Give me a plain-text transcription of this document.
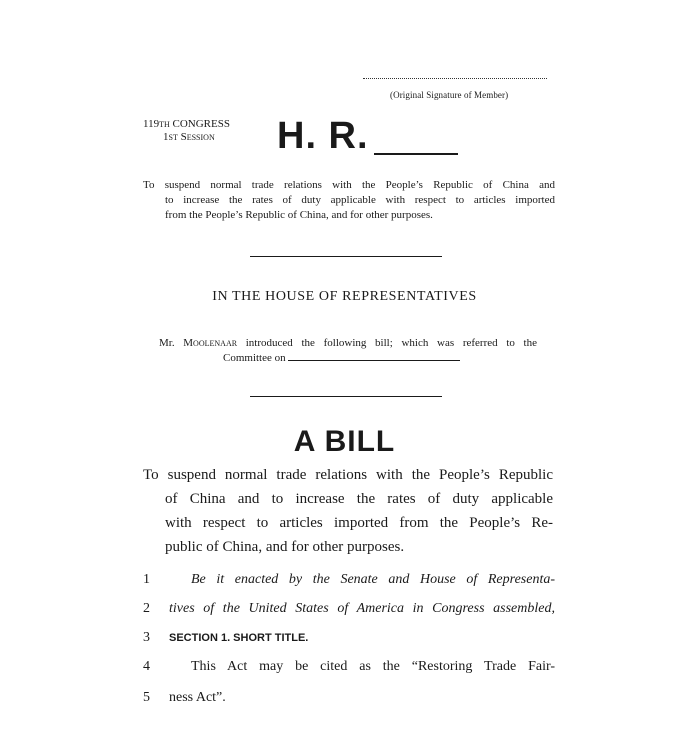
(Original Signature of Member)
119th CONGRESS
1st Session H. R.
To suspend normal trade relations with the People’s Republic of China and
to increase the rates of duty applicable with respect to articles imported
from the People’s Republic of China, and for other purposes.
IN THE HOUSE OF REPRESENTATIVES
Mr. Moolenaar introduced the following bill; which was referred to the
Committee on
A BILL
To suspend normal trade relations with the People’s Republic
of China and to increase the rates of duty applicable
with respect to articles imported from the People’s Re-
public of China, and for other purposes.
1	Be it enacted by the Senate and House of Representa-
2	tives of the United States of America in Congress assembled,
3	SECTION 1. SHORT TITLE.
4	This Act may be cited as the “Restoring Trade Fair-
5	ness Act”.
